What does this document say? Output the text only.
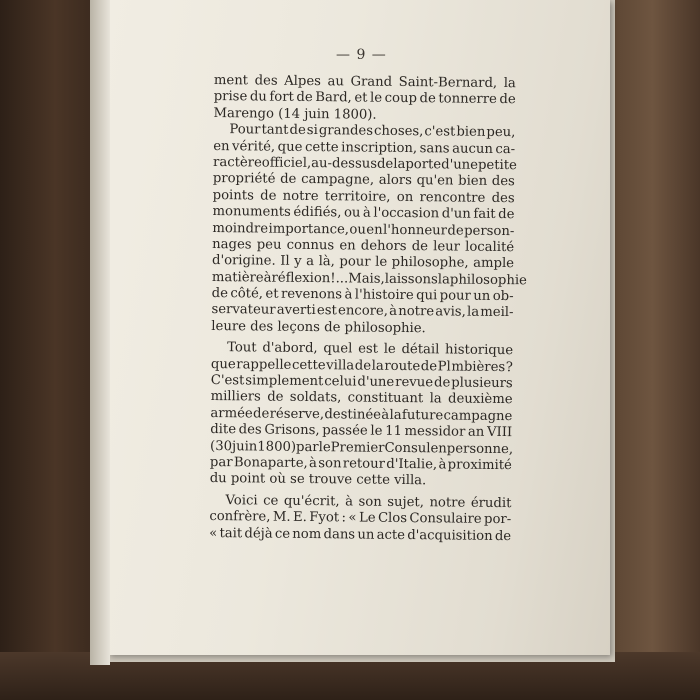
— 9 —
ment des Alpes au Grand Saint-Bernard, la
prise du fort de Bard, et le coup de tonnerre de
Marengo (14 juin 1800).
Pour tant de si grandes choses, c'est bien peu,
en vérité, que cette inscription, sans aucun ca-
ractère officiel, au-dessus de la porte d'une petite
propriété de campagne, alors qu'en bien des
points de notre territoire, on rencontre des
monuments édifiés, ou à l'occasion d'un fait de
moindre importance, ou en l'honneur de person-
nages peu connus en dehors de leur localité
d'origine. Il y a là, pour le philosophe, ample
matière à réflexion !... Mais, laissons la philosophie
de côté, et revenons à l'histoire qui pour un ob-
servateur averti est encore, à notre avis, la meil-
leure des leçons de philosophie.
Tout d'abord, quel est le détail historique
que rappelle cette villa de la route de Pl mbières ?
C'est simplement celui d'une revue de plusieurs
milliers de soldats, constituant la deuxième
armée de réserve, destinée à la future campagne
dite des Grisons, passée le 11 messidor an VIII
(30 juin 1800) par le Premier Consul en personne,
par Bonaparte, à son retour d'Italie, à proximité
du point où se trouve cette villa.
Voici ce qu'écrit, à son sujet, notre érudit
confrère, M. E. Fyot : « Le Clos Consulaire por-
« tait déjà ce nom dans un acte d'acquisition de
